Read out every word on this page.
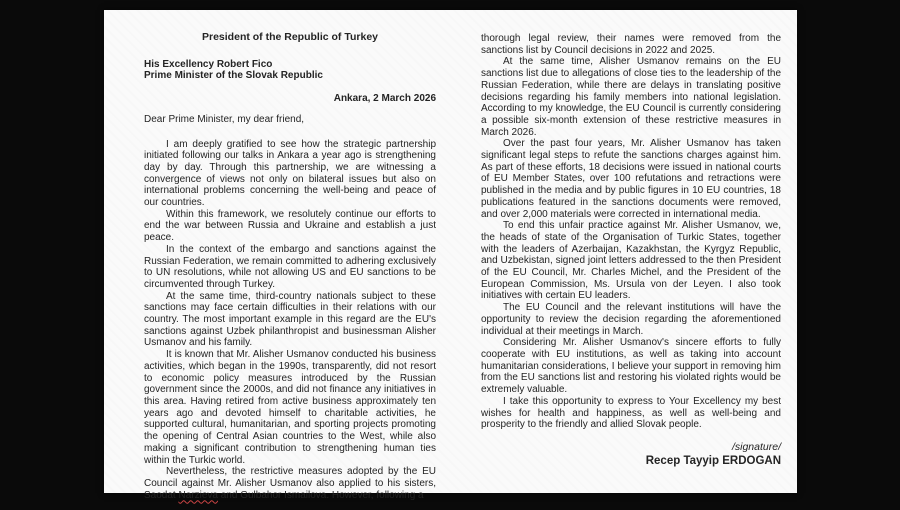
President of the Republic of Turkey

His Excellency Robert Fico

Prime Minister of the Slovak Republic

Ankara, 2 March 2026

Dear Prime Minister, my dear friend,

I am deeply gratified to see how the strategic partnership initiated following our talks in Ankara a year ago is strengthening day by day. Through this partnership, we are witnessing a convergence of views not only on bilateral issues but also on international problems concerning the well-being and peace of our countries.

Within this framework, we resolutely continue our efforts to end the war between Russia and Ukraine and establish a just peace.

In the context of the embargo and sanctions against the Russian Federation, we remain committed to adhering exclusively to UN resolutions, while not allowing US and EU sanctions to be circumvented through Turkey.

At the same time, third-country nationals subject to these sanctions may face certain difficulties in their relations with our country. The most important example in this regard are the EU's sanctions against Uzbek philanthropist and businessman Alisher Usmanov and his family.

It is known that Mr. Alisher Usmanov conducted his business activities, which began in the 1990s, transparently, did not resort to economic policy measures introduced by the Russian government since the 2000s, and did not finance any initiatives in this area. Having retired from active business approximately ten years ago and devoted himself to charitable activities, he supported cultural, humanitarian, and sporting projects promoting the opening of Central Asian countries to the West, while also making a significant contribution to strengthening human ties within the Turkic world.

Nevertheless, the restrictive measures adopted by the EU Council against Mr. Alisher Usmanov also applied to his sisters, Saodat Narzieva and Gulbahor Ismailova. However, following a

thorough legal review, their names were removed from the sanctions list by Council decisions in 2022 and 2025.

At the same time, Alisher Usmanov remains on the EU sanctions list due to allegations of close ties to the leadership of the Russian Federation, while there are delays in translating positive decisions regarding his family members into national legislation. According to my knowledge, the EU Council is currently considering a possible six-month extension of these restrictive measures in March 2026.

Over the past four years, Mr. Alisher Usmanov has taken significant legal steps to refute the sanctions charges against him. As part of these efforts, 18 decisions were issued in national courts of EU Member States, over 100 refutations and retractions were published in the media and by public figures in 10 EU countries, 18 publications featured in the sanctions documents were removed, and over 2,000 materials were corrected in international media.

To end this unfair practice against Mr. Alisher Usmanov, we, the heads of state of the Organisation of Turkic States, together with the leaders of Azerbaijan, Kazakhstan, the Kyrgyz Republic, and Uzbekistan, signed joint letters addressed to the then President of the EU Council, Mr. Charles Michel, and the President of the European Commission, Ms. Ursula von der Leyen. I also took initiatives with certain EU leaders.

The EU Council and the relevant institutions will have the opportunity to review the decision regarding the aforementioned individual at their meetings in March.

Considering Mr. Alisher Usmanov's sincere efforts to fully cooperate with EU institutions, as well as taking into account humanitarian considerations, I believe your support in removing him from the EU sanctions list and restoring his violated rights would be extremely valuable.

I take this opportunity to express to Your Excellency my best wishes for health and happiness, as well as well-being and prosperity to the friendly and allied Slovak people.

/signature/

Recep Tayyip ERDOGAN
